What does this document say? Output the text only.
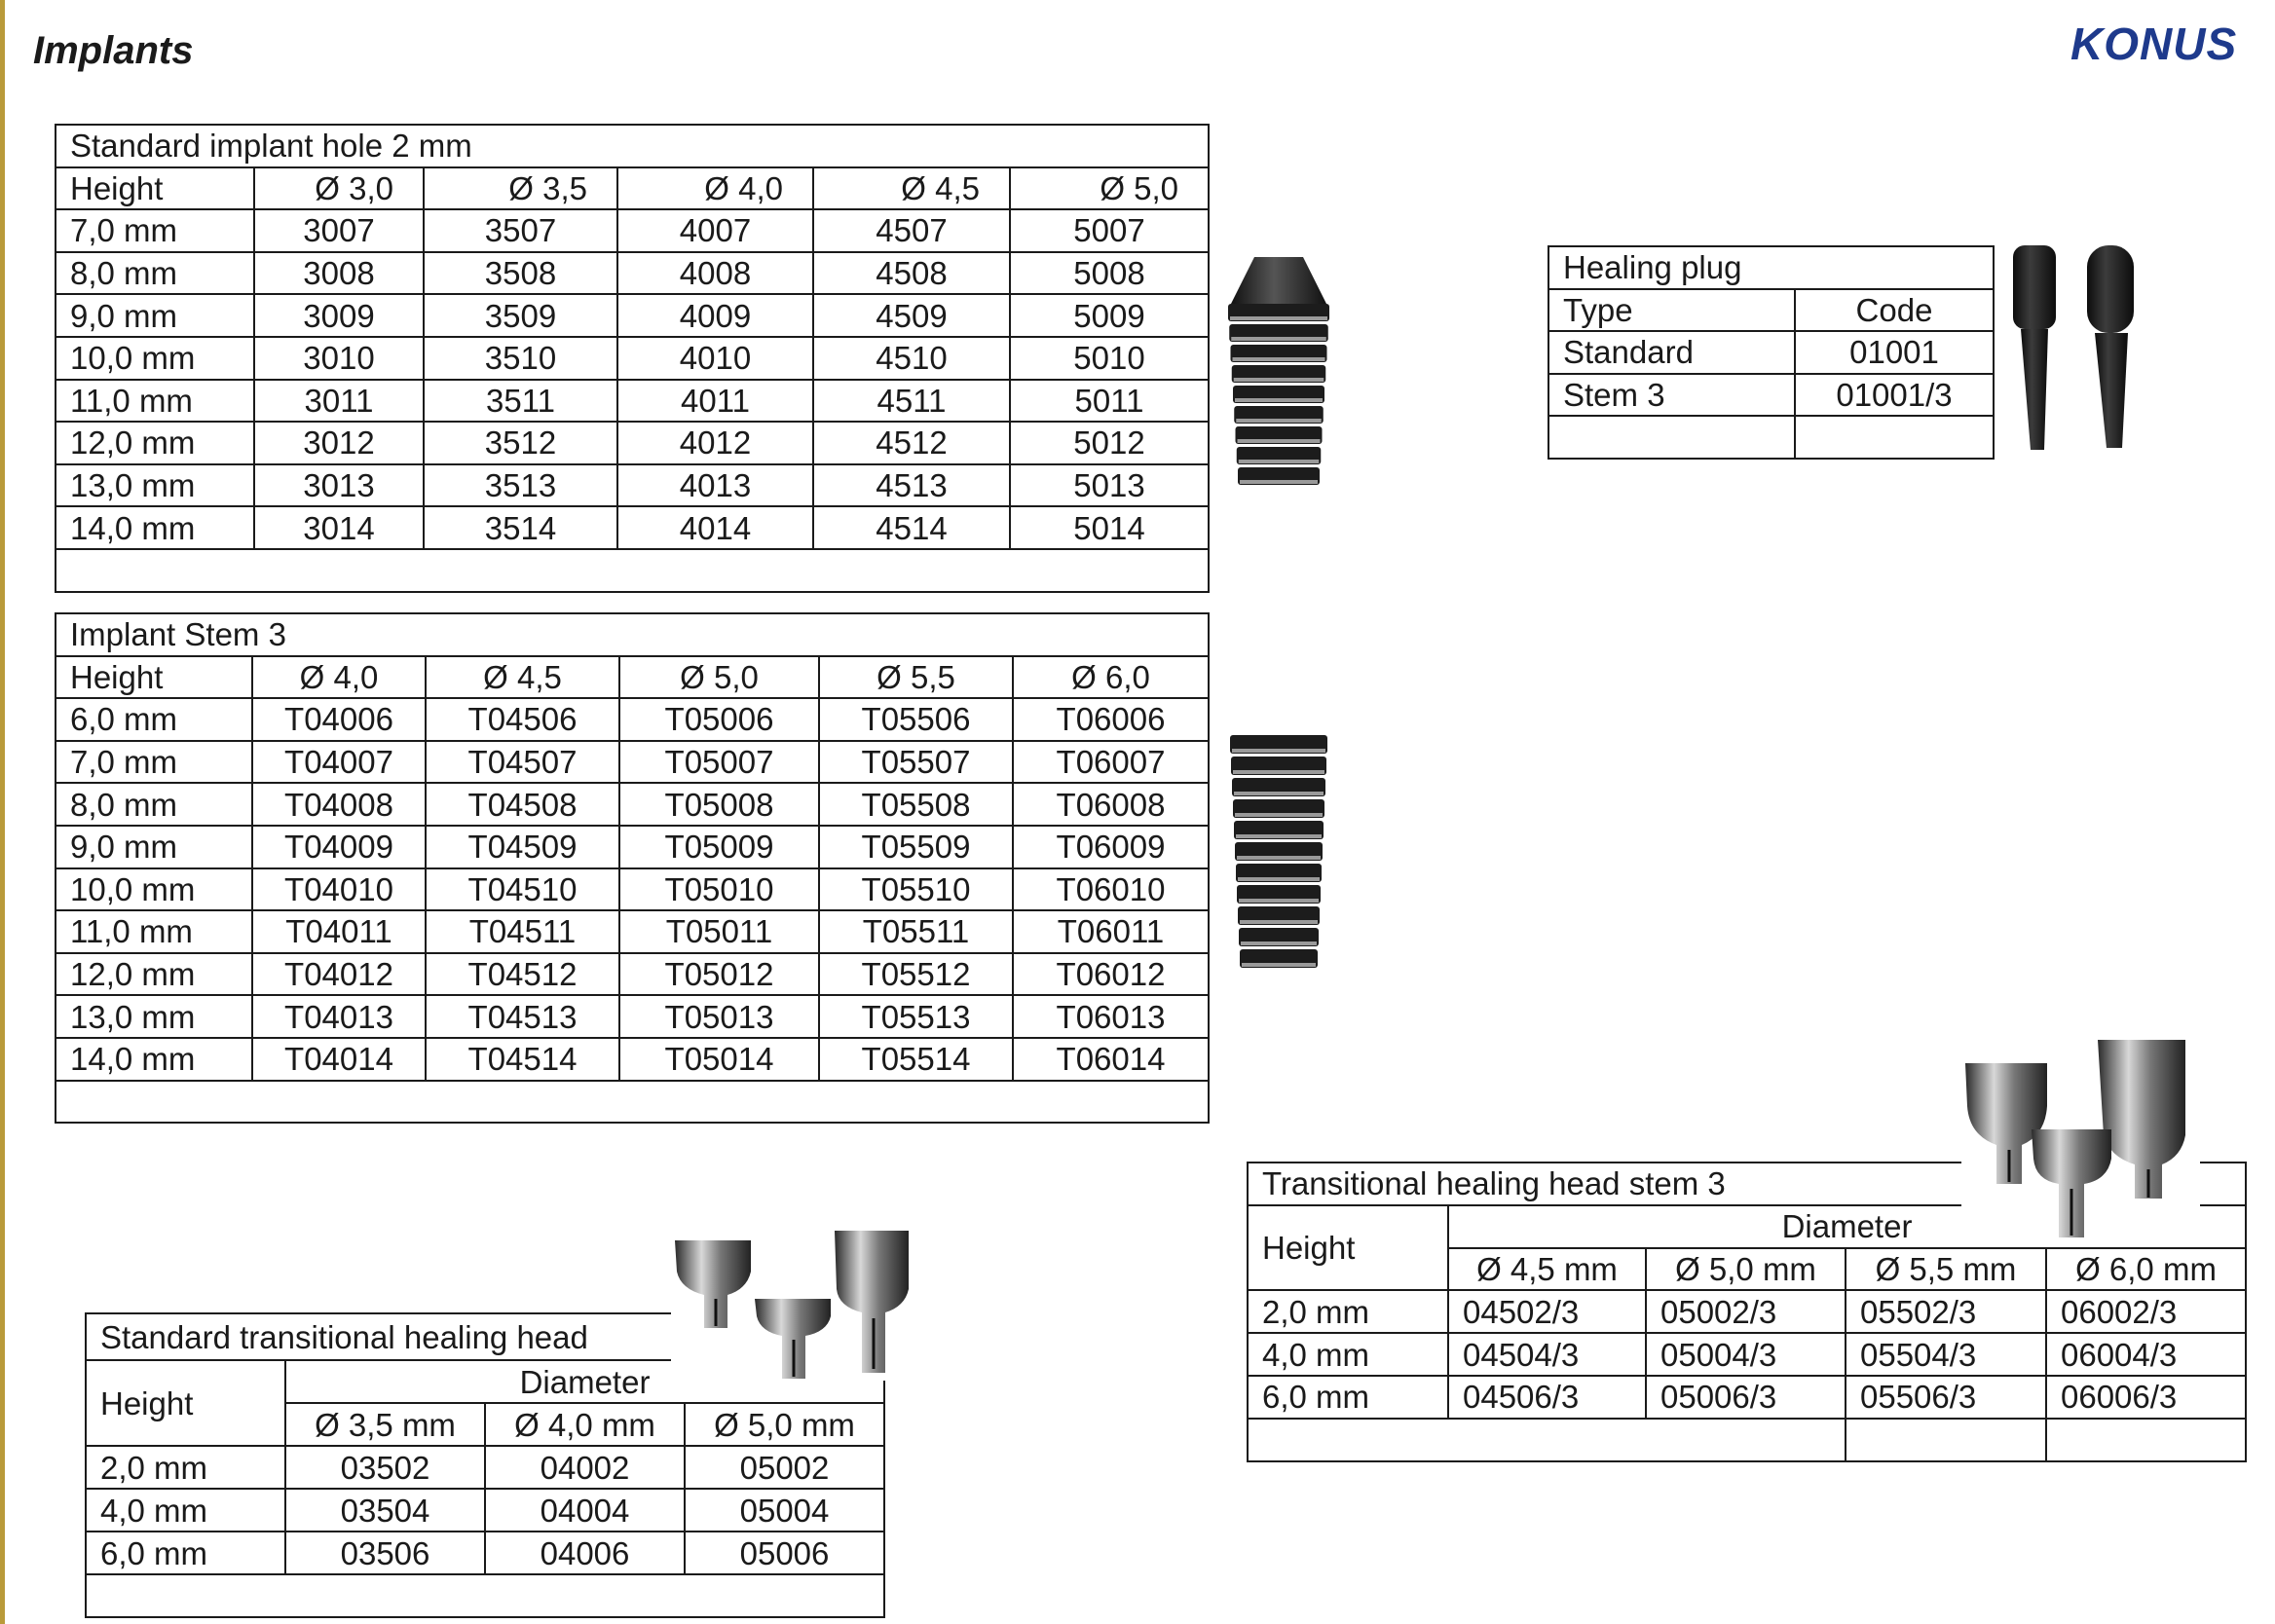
Implants	KONUS
Standard implant hole 2 mm					
Height	Ø 3,0	Ø 3,5	Ø 4,0	Ø 4,5	Ø 5,0
7,0 mm	3007	3507	4007	4507	5007
8,0 mm	3008	3508	4008	4508	5008
9,0 mm	3009	3509	4009	4509	5009
10,0 mm	3010	3510	4010	4510	5010
11,0 mm	3011	3511	4011	4511	5011
12,0 mm	3012	3512	4012	4512	5012
13,0 mm	3013	3513	4013	4513	5013
14,0 mm	3014	3514	4014	4514	5014

Implant Stem 3					
Height	Ø 4,0	Ø 4,5	Ø 5,0	Ø 5,5	Ø 6,0
6,0 mm	T04006	T04506	T05006	T05506	T06006
7,0 mm	T04007	T04507	T05007	T05507	T06007
8,0 mm	T04008	T04508	T05008	T05508	T06008
9,0 mm	T04009	T04509	T05009	T05509	T06009
10,0 mm	T04010	T04510	T05010	T05510	T06010
11,0 mm	T04011	T04511	T05011	T05511	T06011
12,0 mm	T04012	T04512	T05012	T05512	T06012
13,0 mm	T04013	T04513	T05013	T05513	T06013
14,0 mm	T04014	T04514	T05014	T05514	T06014

Healing plug	
Type	Code
Standard	01001
Stem 3	01001/3

Transitional healing head stem 3				
Height	Diameter			
	Ø 4,5 mm	Ø 5,0 mm	Ø 5,5 mm	Ø 6,0 mm
2,0 mm	04502/3	05002/3	05502/3	06002/3
4,0 mm	04504/3	05004/3	05504/3	06004/3
6,0 mm	04506/3	05006/3	05506/3	06006/3

Standard transitional healing head			
Height	Diameter		
	Ø 3,5 mm	Ø 4,0 mm	Ø 5,0 mm
2,0 mm	03502	04002	05002
4,0 mm	03504	04004	05004
6,0 mm	03506	04006	05006
